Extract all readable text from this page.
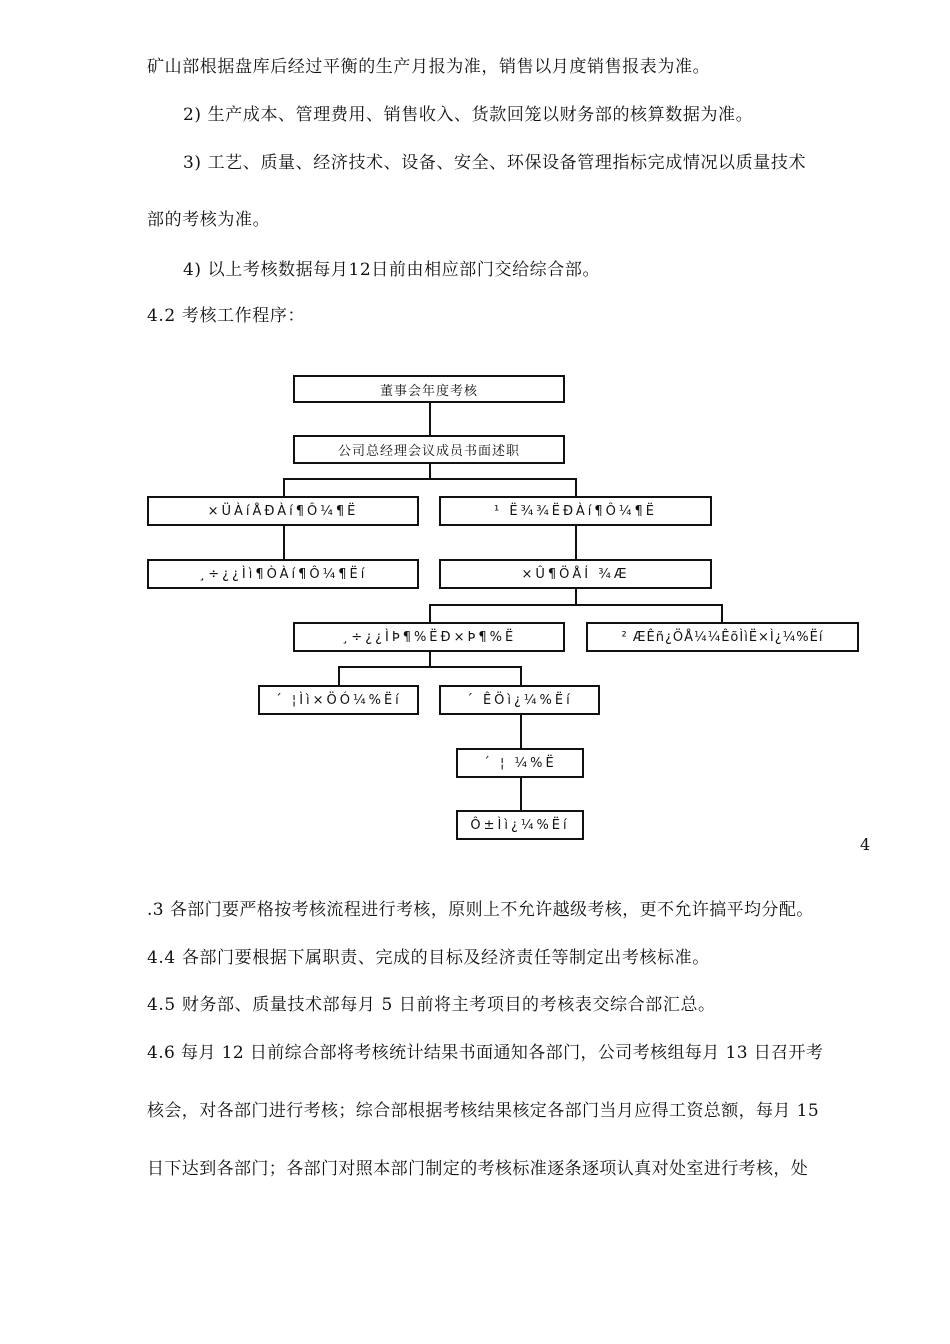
矿山部根据盘库后经过平衡的生产月报为准，销售以月度销售报表为准。
2) 生产成本、管理费用、销售收入、货款回笼以财务部的核算数据为准。
3) 工艺、质量、经济技术、设备、安全、环保设备管理指标完成情况以质量技术
部的考核为准。
4) 以上考核数据每月12日前由相应部门交给综合部。
4.2 考核工作程序：
董事会年度考核
公司总经理会议成员书面述职
×ÜÀíÅÐÀí¶Ô¼¶Ë	¹ Ë¾¾ËÐÀí¶Ô¼¶Ë
¸÷¿¿Ìì¶ÒÀí¶Ô¼¶Ëí	×Û¶ÖÅÍ ¾Æ
¸÷¿¿ÌÞ¶%ËÐ×Þ¶%Ë	² ÆÊñ¿ÖÅ¼¼ÊõÌìË×Ì¿¼%Ëí
´ ¦Ìì×ÖÓ¼%Ëí	´ ÊÖì¿¼%Ëí
´ ¦ ¼%Ë
Ô±Ìì¿¼%Ëí
4
.3 各部门要严格按考核流程进行考核，原则上不允许越级考核，更不允许搞平均分配。
4.4 各部门要根据下属职责、完成的目标及经济责任等制定出考核标准。
4.5 财务部、质量技术部每月 5 日前将主考项目的考核表交综合部汇总。
4.6 每月 12 日前综合部将考核统计结果书面通知各部门，公司考核组每月 13 日召开考
核会，对各部门进行考核；综合部根据考核结果核定各部门当月应得工资总额，每月 15
日下达到各部门；各部门对照本部门制定的考核标准逐条逐项认真对处室进行考核，处
